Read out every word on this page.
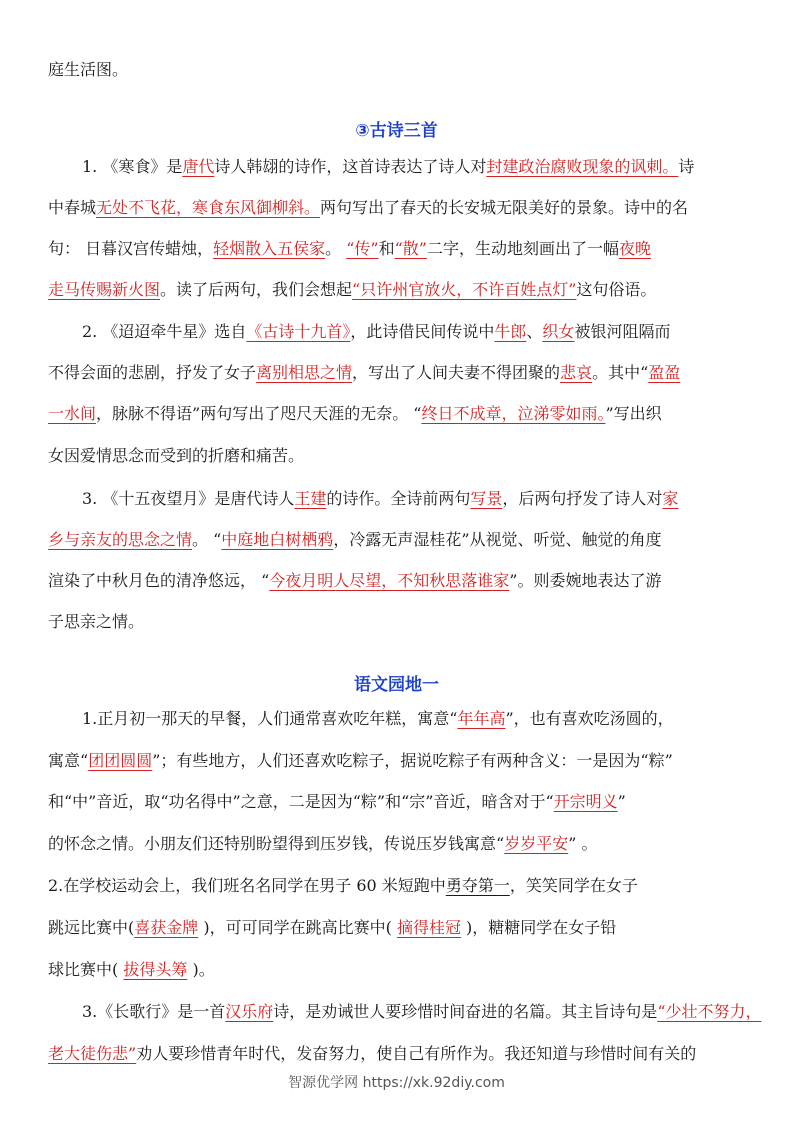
庭生活图。
③古诗三首
1. 《寒食》是唐代诗人韩翃的诗作，这首诗表达了诗人对封建政治腐败现象的讽刺。诗
中春城无处不飞花，寒食东风御柳斜。两句写出了春天的长安城无限美好的景象。诗中的名
句： 日暮汉宫传蜡烛，轻烟散入五侯家。 “传”和“散”二字，生动地刻画出了一幅夜晚
走马传赐新火图。读了后两句，我们会想起“只许州官放火，不许百姓点灯”这句俗语。
2. 《迢迢牵牛星》选自《古诗十九首》，此诗借民间传说中牛郎、织女被银河阻隔而
不得会面的悲剧，抒发了女子离别相思之情，写出了人间夫妻不得团聚的悲哀。其中“盈盈
一水间，脉脉不得语”两句写出了咫尺天涯的无奈。 “终日不成章，泣涕零如雨。”写出织
女因爱情思念而受到的折磨和痛苦。
3. 《十五夜望月》是唐代诗人王建的诗作。全诗前两句写景，后两句抒发了诗人对家
乡与亲友的思念之情。 “中庭地白树栖鸦，冷露无声湿桂花”从视觉、听觉、触觉的角度
渲染了中秋月色的清净悠远， “今夜月明人尽望，不知秋思落谁家”。则委婉地表达了游
子思亲之情。
语文园地一
1.正月初一那天的早餐，人们通常喜欢吃年糕，寓意“年年高”，也有喜欢吃汤圆的，
寓意“团团圆圆”；有些地方，人们还喜欢吃粽子，据说吃粽子有两种含义：一是因为“粽”
和“中”音近，取“功名得中”之意，二是因为“粽”和“宗”音近，暗含对于“开宗明义”
的怀念之情。小朋友们还特别盼望得到压岁钱，传说压岁钱寓意“岁岁平安” 。
2.在学校运动会上，我们班名名同学在男子 60 米短跑中勇夺第一，笑笑同学在女子
跳远比赛中(喜获金牌 )，可可同学在跳高比赛中( 摘得桂冠 )，糖糖同学在女子铅
球比赛中( 拔得头筹 )。
3.《长歌行》是一首汉乐府诗，是劝诫世人要珍惜时间奋进的名篇。其主旨诗句是“少壮不努力，
老大徒伤悲”劝人要珍惜青年时代，发奋努力，使自己有所作为。我还知道与珍惜时间有关的
智源优学网 https://xk.92diy.com
